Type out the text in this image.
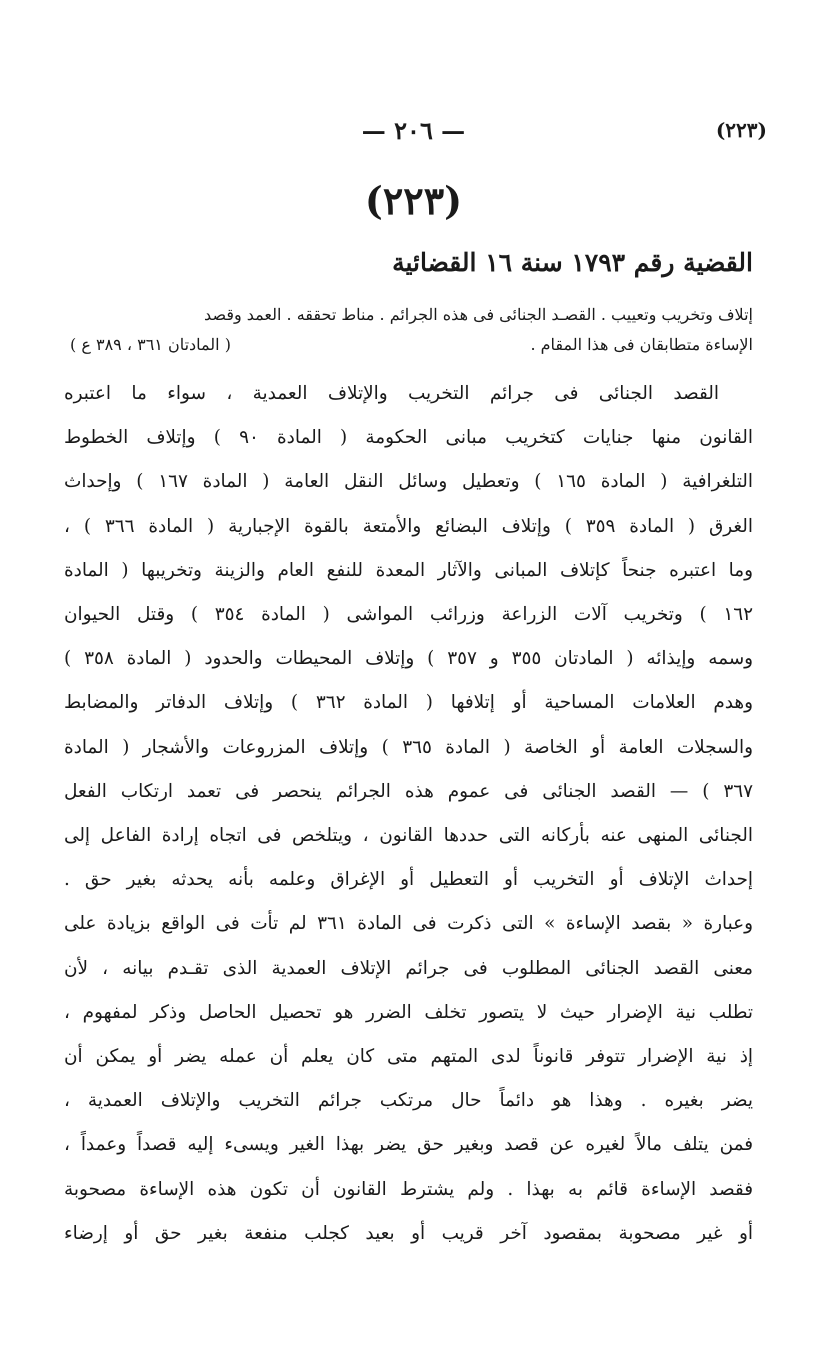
— ٢٠٦ —	(٢٢٣)
(٢٢٣)
القضية رقم ١٧٩٣ سنة ١٦ القضائية
إتلاف وتخريب وتعييب . القصـد الجنائى فى هذه الجرائم . مناط تحققه . العمد وقصد
الإساءة متطابقان فى هذا المقام .
( المادتان ٣٦١ ، ٣٨٩ ع )
القصد الجنائى فى جرائم التخريب والإتلاف العمدية ، سواء ما اعتبره
القانون منها جنايات كتخريب مبانى الحكومة ( المادة ٩٠ ) وإتلاف الخطوط
التلغرافية ( المادة ١٦٥ ) وتعطيل وسائل النقل العامة ( المادة ١٦٧ ) وإحداث
الغرق ( المادة ٣٥٩ ) وإتلاف البضائع والأمتعة بالقوة الإجبارية ( المادة ٣٦٦ ) ،
وما اعتبره جنحاً كإتلاف المبانى والآثار المعدة للنفع العام والزينة وتخريبها ( المادة
١٦٢ ) وتخريب آلات الزراعة وزرائب المواشى ( المادة ٣٥٤ ) وقتل الحيوان
وسمه وإيذائه ( المادتان ٣٥٥ و ٣٥٧ ) وإتلاف المحيطات والحدود ( المادة ٣٥٨ )
وهدم العلامات المساحية أو إتلافها ( المادة ٣٦٢ ) وإتلاف الدفاتر والمضابط
والسجلات العامة أو الخاصة ( المادة ٣٦٥ ) وإتلاف المزروعات والأشجار ( المادة
٣٦٧ ) — القصد الجنائى فى عموم هذه الجرائم ينحصر فى تعمد ارتكاب الفعل
الجنائى المنهى عنه بأركانه التى حددها القانون ، ويتلخص فى اتجاه إرادة الفاعل إلى
إحداث الإتلاف أو التخريب أو التعطيل أو الإغراق وعلمه بأنه يحدثه بغير حق .
وعبارة « بقصد الإساءة » التى ذكرت فى المادة ٣٦١ لم تأت فى الواقع بزيادة على
معنى القصد الجنائى المطلوب فى جرائم الإتلاف العمدية الذى تقـدم بيانه ، لأن
تطلب نية الإضرار حيث لا يتصور تخلف الضرر هو تحصيل الحاصل وذكر لمفهوم ،
إذ نية الإضرار تتوفر قانوناً لدى المتهم متى كان يعلم أن عمله يضر أو يمكن أن
يضر بغيره . وهذا هو دائماً حال مرتكب جرائم التخريب والإتلاف العمدية ،
فمن يتلف مالاً لغيره عن قصد وبغير حق يضر بهذا الغير ويسىء إليه قصداً وعمداً ،
فقصد الإساءة قائم به بهذا . ولم يشترط القانون أن تكون هذه الإساءة مصحوبة
أو غير مصحوبة بمقصود آخر قريب أو بعيد كجلب منفعة بغير حق أو إرضاء
